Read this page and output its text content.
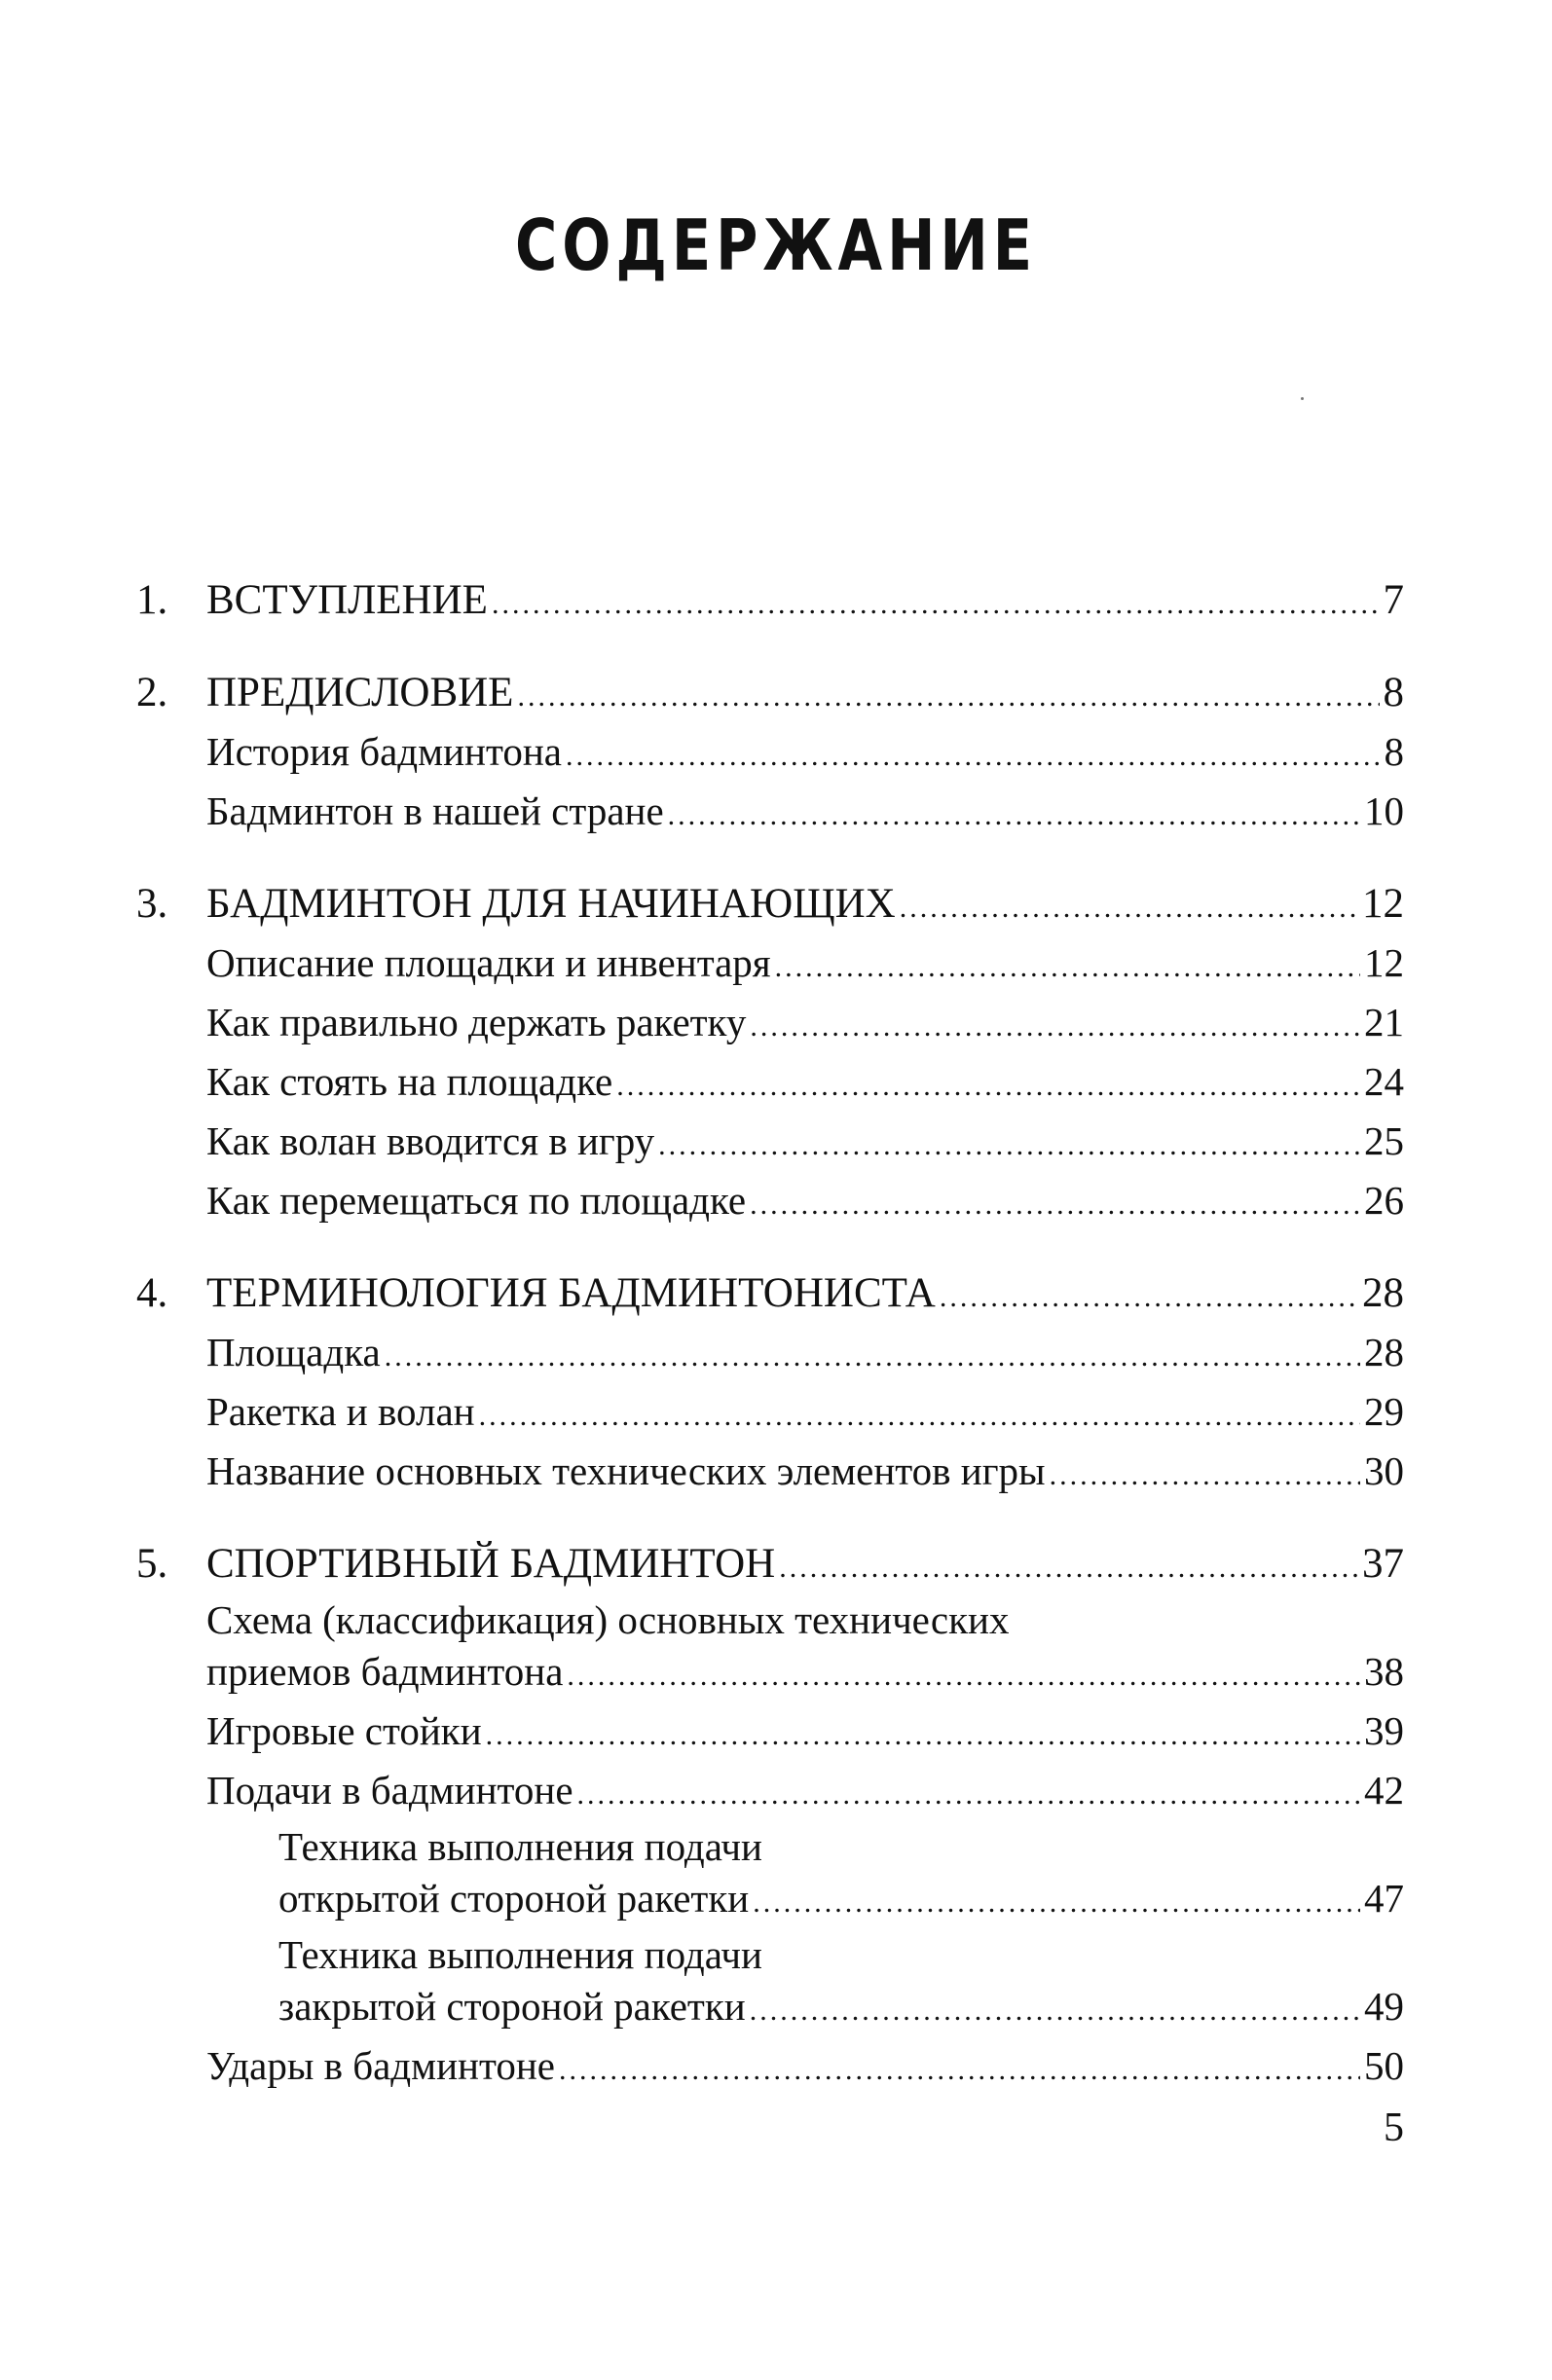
СОДЕРЖАНИЕ
1. ВСТУПЛЕНИЕ .....	7
2. ПРЕДИСЛОВИЕ .....	8
История бадминтона .....	8
Бадминтон в нашей стране .....	10
3. БАДМИНТОН ДЛЯ НАЧИНАЮЩИХ .....	12
Описание площадки и инвентаря .....	12
Как правильно держать ракетку .....	21
Как стоять на площадке .....	24
Как волан вводится в игру .....	25
Как перемещаться по площадке .....	26
4. ТЕРМИНОЛОГИЯ БАДМИНТОНИСТА .....	28
Площадка .....	28
Ракетка и волан .....	29
Название основных технических элементов игры .....	30
5. СПОРТИВНЫЙ БАДМИНТОН .....	37
Схема (классификация) основных технических
приемов бадминтона .....	38
Игровые стойки .....	39
Подачи в бадминтоне .....	42
Техника выполнения подачи
открытой стороной ракетки .....	47
Техника выполнения подачи
закрытой стороной ракетки .....	49
Удары в бадминтоне .....	50
5
